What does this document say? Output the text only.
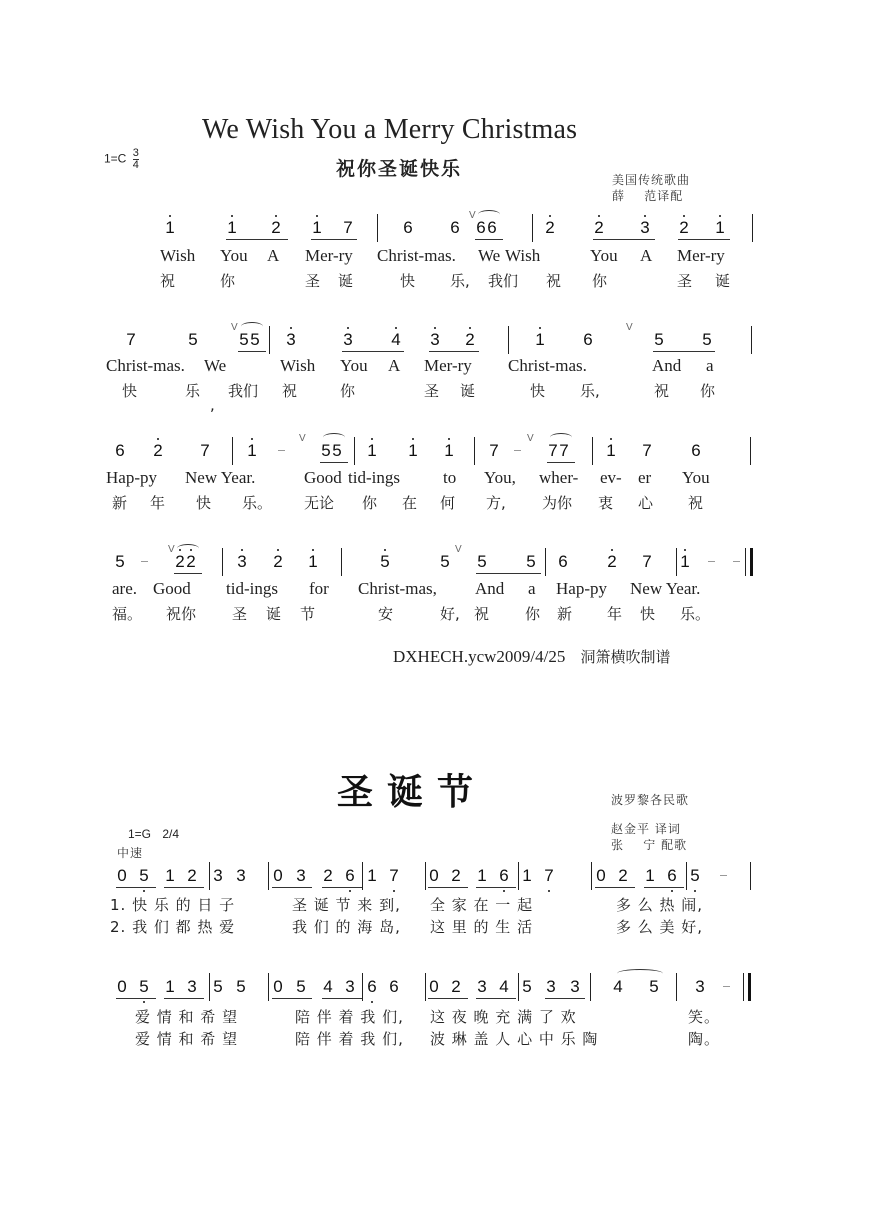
We Wish You a Merry Christmas
祝你圣诞快乐
$1=C \frac{3}{4}$
美国传统歌曲
薛    范译配
1	1 2 1 7	6 6 6 6	2 2 3 2 1
V
Wish You A Mer-ry Christ-mas. We Wish	You A Mer-ry
祝	你	圣 诞	快 乐, 我们 祝 你	圣 诞
7	5 5 5 3	3 4 3 2	1 6	5 5
V	V
Christ-mas. We	Wish You A Mer-ry Christ-mas.	And a
快	乐 我们 祝	你	圣 诞	快 乐,	祝 你
,
6 2 7 1	5 5 1 1 1 7	7 7 1 7 6
V	V
Hap-py New Year.	Good tid-ings	to You, wher- ev- er You
新 年 快 乐。 无论 你 在 何 方, 为你 衷 心 祝
5	2 2 3 2 1	5	5 5 5 6 2 7 1
V	V
are. Good tid-ings for Christ-mas, And a Hap-py New Year.
福。 祝你 圣 诞 节	安	好, 祝 你 新 年 快 乐。
DXHECH.ycw2009/4/25 洞箫横吹制谱
圣诞节	波罗黎各民歌
赵金平 译词
张    宁 配歌
1=G 2/4
中速
0 5 1 2 3 3 0 3 2 6 1 7 0 2 1 6 1 7	0 2 1 6 5
1. 快 乐 的 日 子	圣 诞 节 来 到, 全 家 在 一 起	多 么 热 闹,
2. 我 们 都 热 爱	我 们 的 海 岛, 这 里 的 生 活	多 么 美 好,
0 5 1 3 5 5 0 5 4 3 6 6 0 2 3 4 5 3 3 4 5 3
爱 情 和 希 望	陪 伴 着 我 们, 这 夜 晚 充 满 了 欢	笑。
爱 情 和 希 望	陪 伴 着 我 们, 波 琳 盖 人 心 中 乐 陶	陶。
